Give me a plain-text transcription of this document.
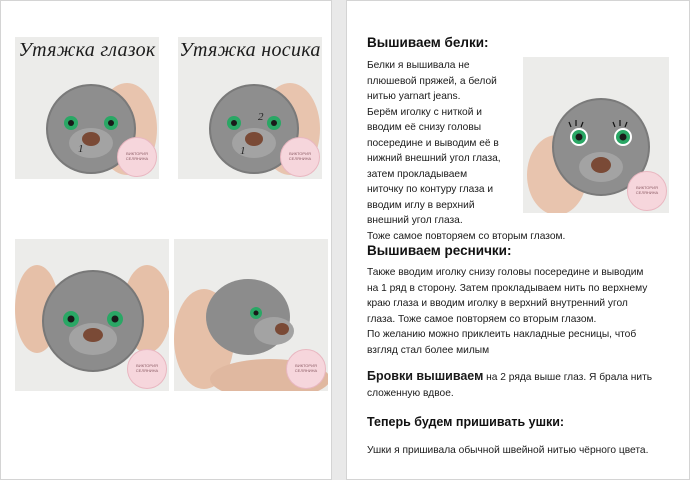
Утяжка глазок
1	ВИКТОРИЯ
СЕЛЯНИНА
Утяжка носика
2
1	ВИКТОРИЯ
СЕЛЯНИНА
ВИКТОРИЯ
СЕЛЯНИНА
ВИКТОРИЯ
СЕЛЯНИНА
Вышиваем белки:

Белки я вышивала не
плюшевой пряжей, а белой
нитью yarnart jeans.
Берём иголку с ниткой и
вводим её снизу головы
посередине и выводим её в
нижний внешний угол глаза,
затем прокладываем
ниточку по контуру глаза и
вводим иглу в верхний
внешний угол глаза.
Тоже самое повторяем со вторым глазом.

ВИКТОРИЯ
СЕЛЯНИНА
Вышиваем реснички:

Также вводим иголку снизу головы посередине и выводим
на 1 ряд в сторону. Затем прокладываем нить по верхнему
краю глаза и вводим иголку в верхний внутренний угол
глаза. Тоже самое повторяем со вторым глазом.
По желанию можно приклеить накладные ресницы, чтоб
взгляд стал более милым

Бровки вышиваем на 2 ряда выше глаз. Я брала нить
сложенную вдвое.

Теперь будем пришивать ушки:

Ушки я пришивала обычной швейной нитью чёрного цвета.
